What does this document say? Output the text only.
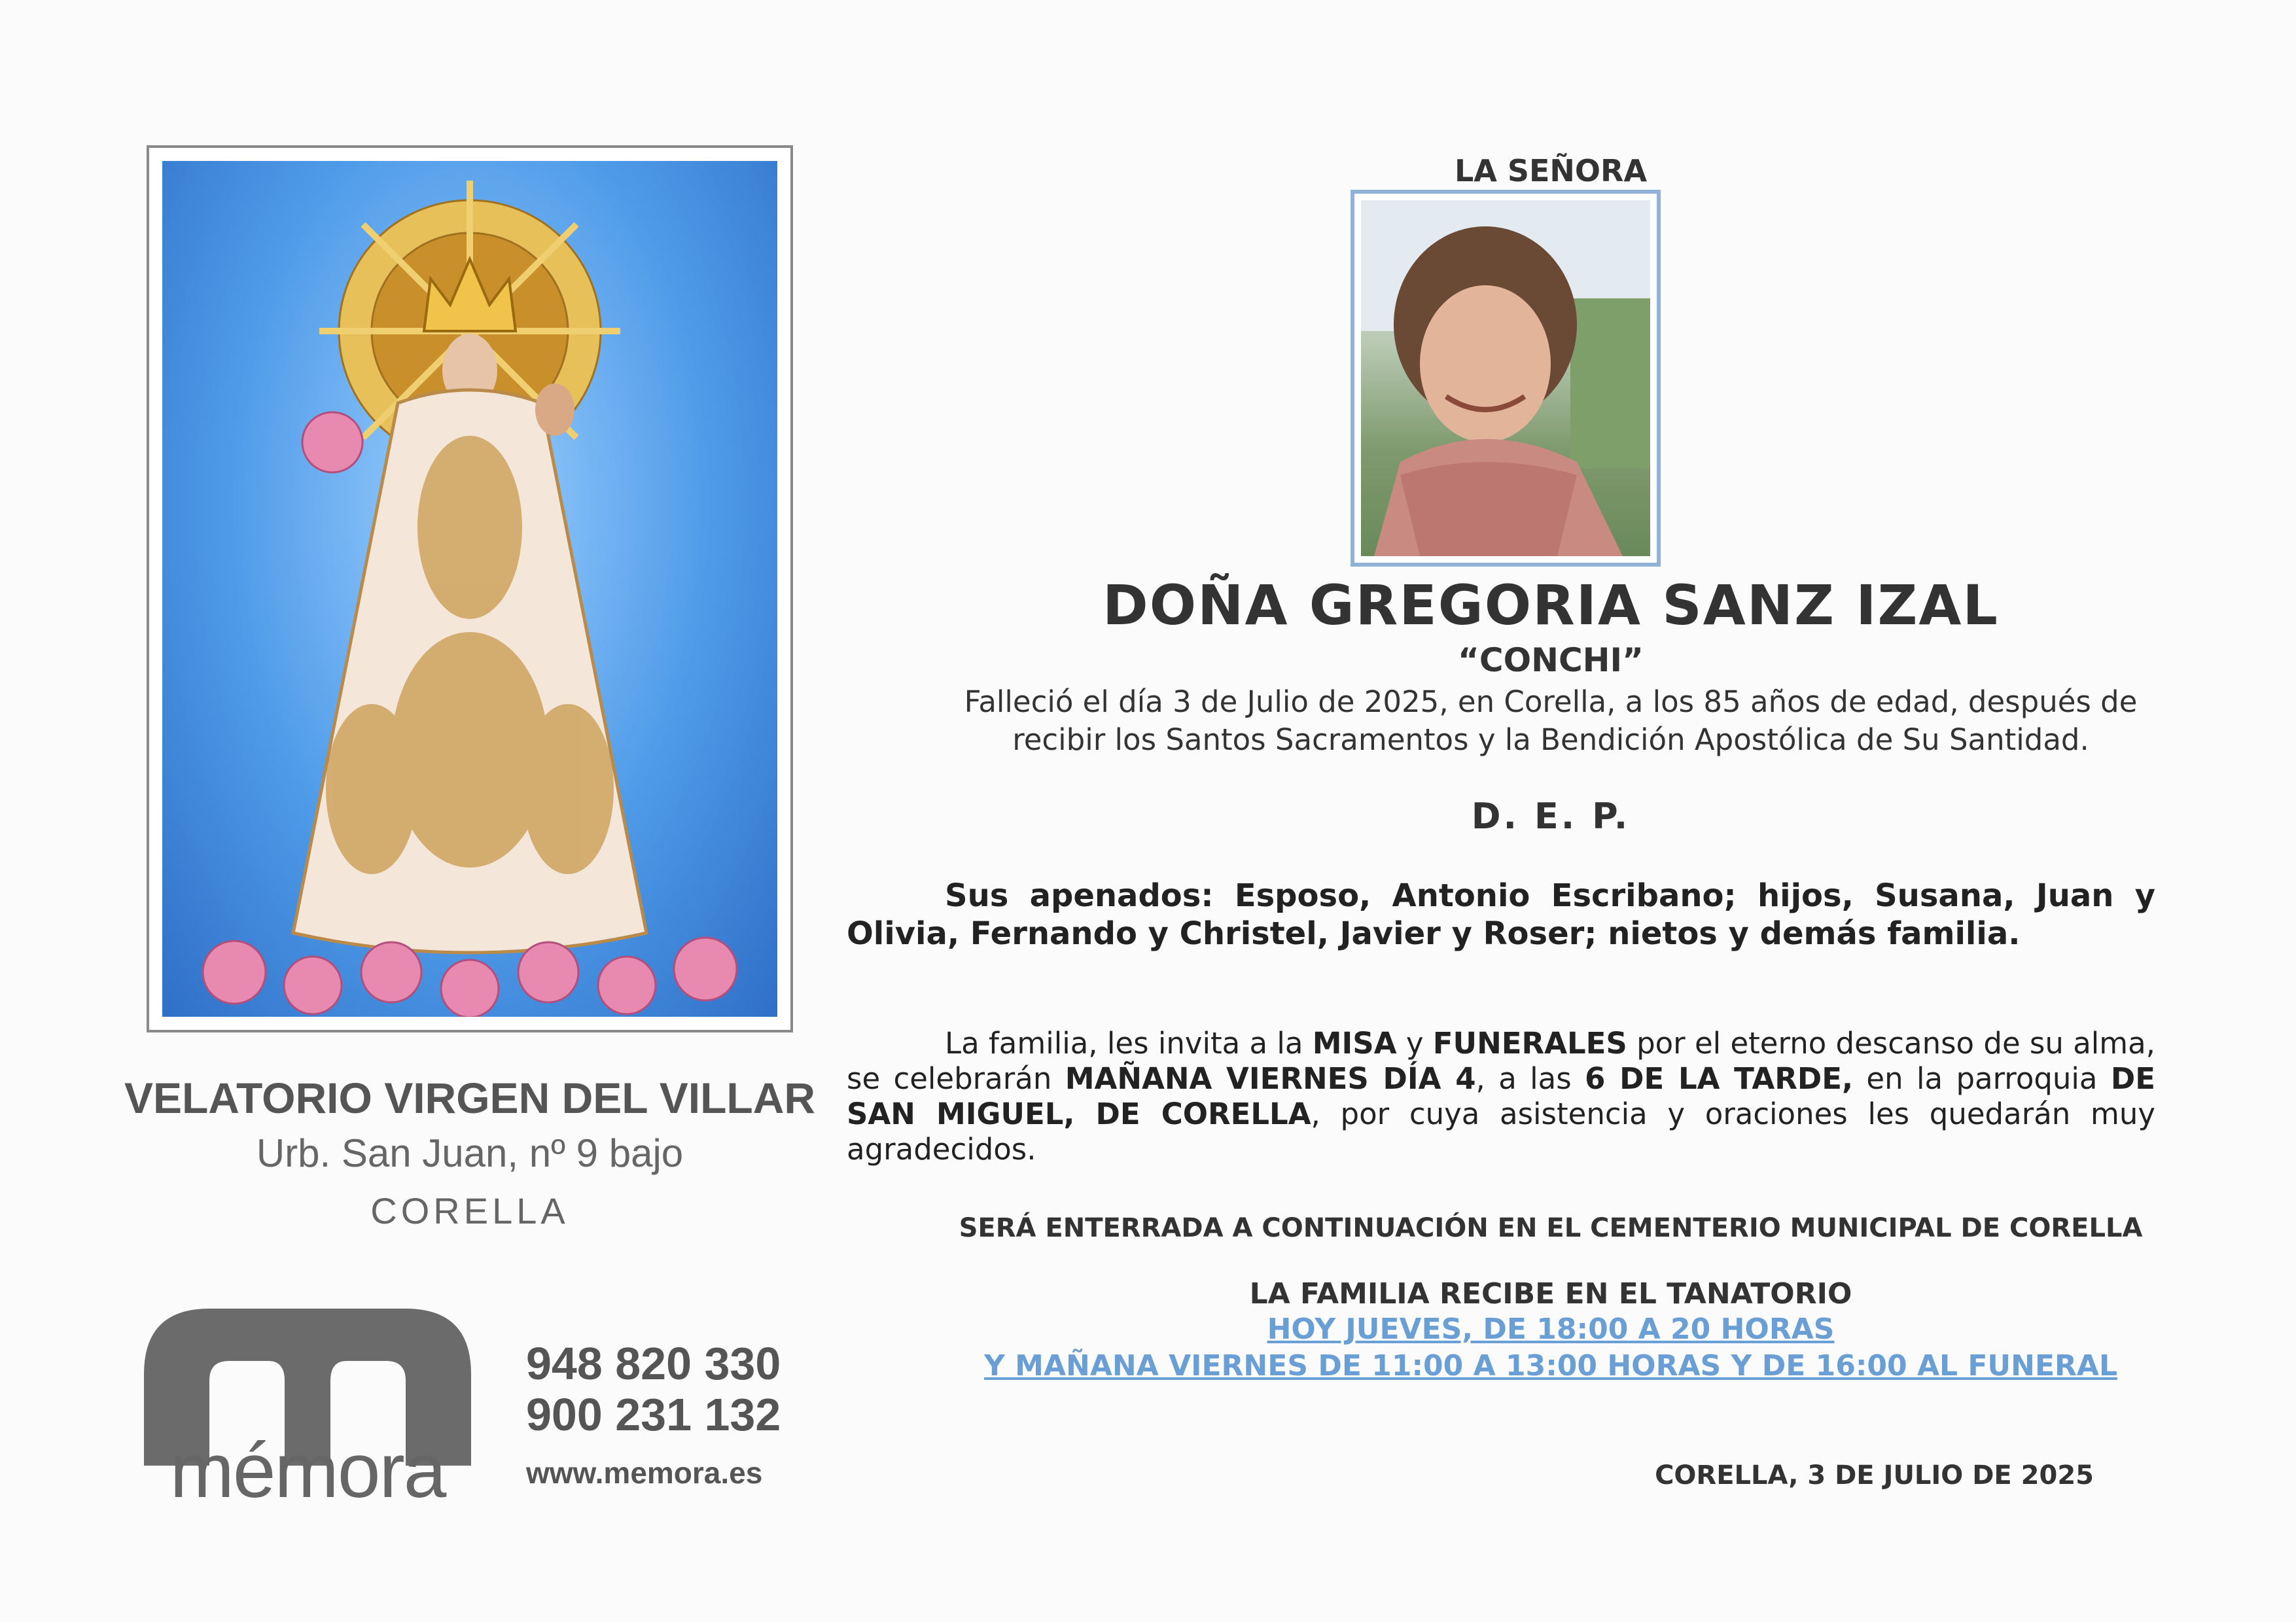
VELATORIO VIRGEN DEL VILLAR
Urb. San Juan, nº 9 bajo
CORELLA
mémora
948 820 330
900 231 132
www.memora.es
LA SEÑORA
DOÑA GREGORIA SANZ IZAL
“CONCHI”
Falleció el día 3 de Julio de 2025, en Corella, a los 85 años de edad, después de
recibir los Santos Sacramentos y la Bendición Apostólica de Su Santidad.
D. E. P.
Sus apenados: Esposo, Antonio Escribano; hijos, Susana, Juan y Olivia, Fernando y Christel, Javier y Roser; nietos y demás familia.
La familia, les invita a la MISA y FUNERALES por el eterno descanso de su alma, se celebrarán MAÑANA VIERNES DÍA 4, a las 6 DE LA TARDE, en la parroquia DE SAN MIGUEL, DE CORELLA, por cuya asistencia y oraciones les quedarán muy agradecidos.
SERÁ ENTERRADA A CONTINUACIÓN EN EL CEMENTERIO MUNICIPAL DE CORELLA
LA FAMILIA RECIBE EN EL TANATORIO
HOY JUEVES, DE 18:00 A 20 HORAS
Y MAÑANA VIERNES DE 11:00 A 13:00 HORAS Y DE 16:00 AL FUNERAL
CORELLA, 3 DE JULIO DE 2025
